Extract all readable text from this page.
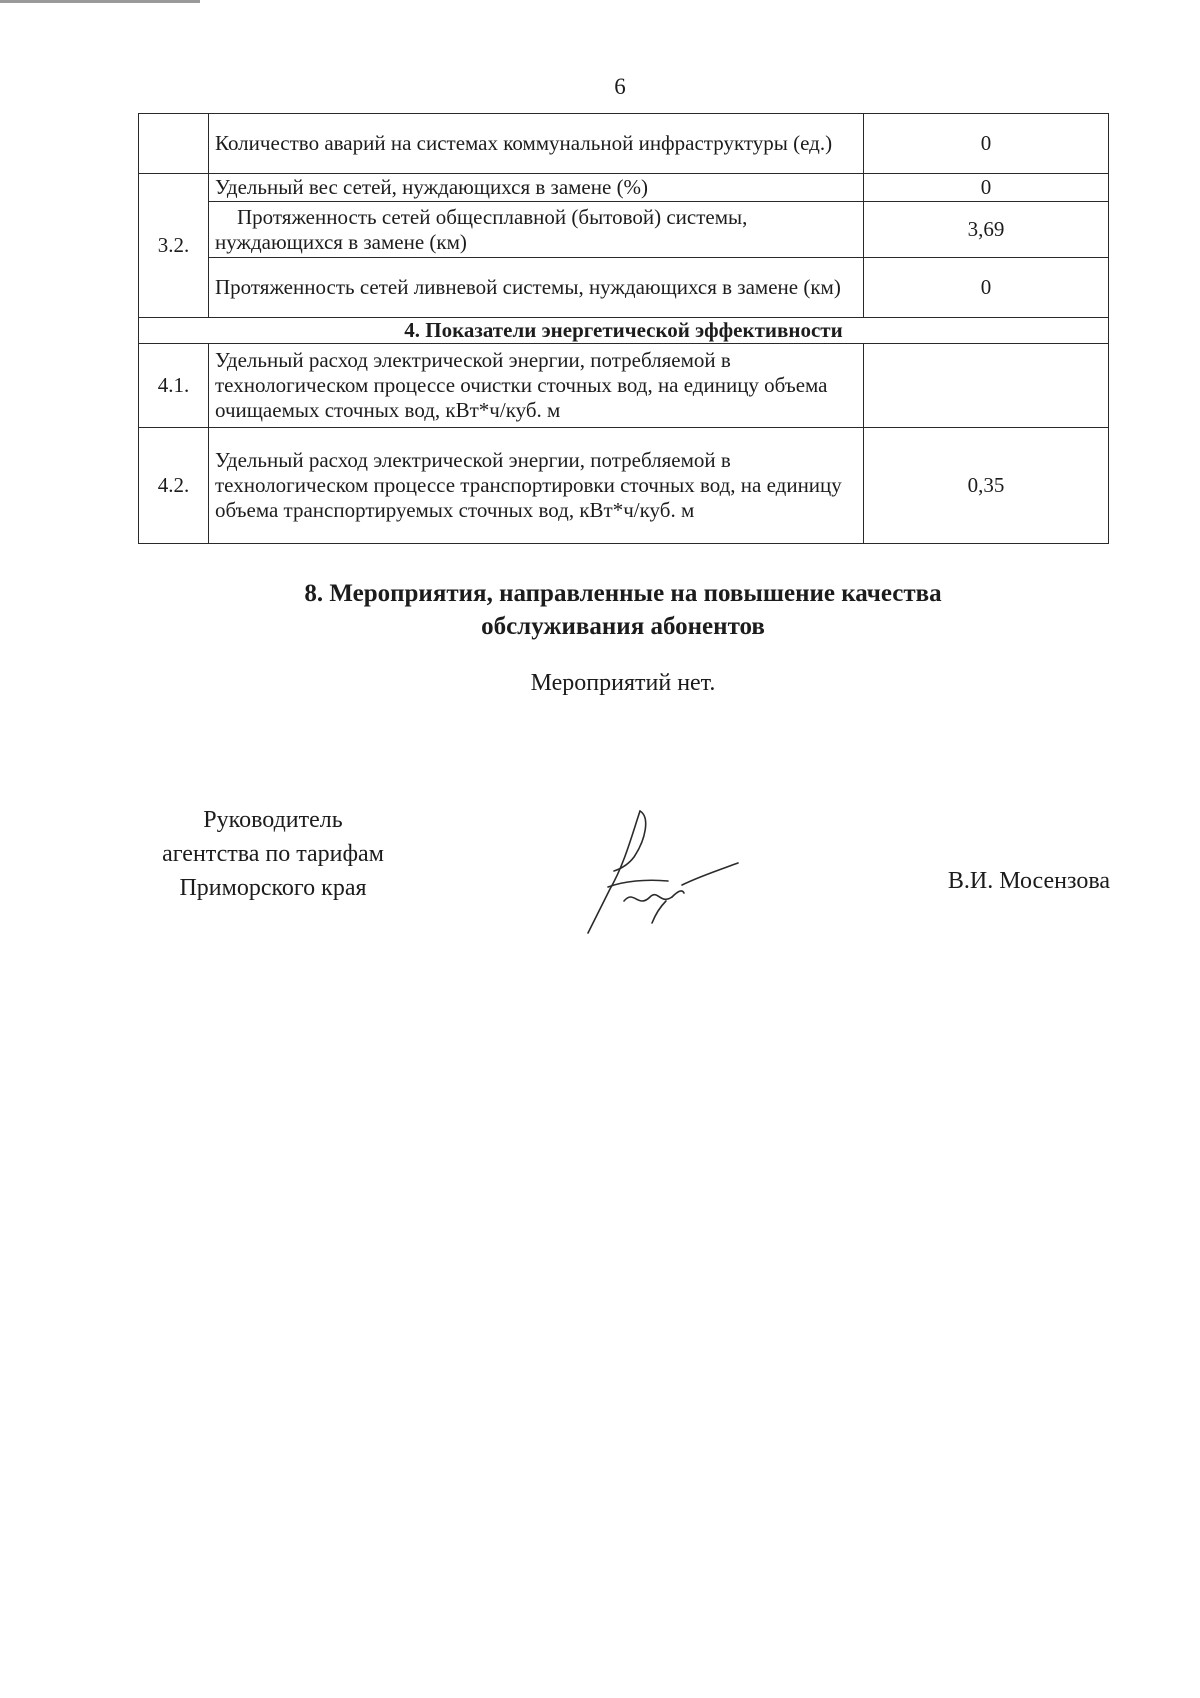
6
	Количество аварий на системах коммунальной инфраструктуры (ед.)	0
3.2.	Удельный вес сетей, нуждающихся в замене (%)	0
	Протяженность сетей общесплавной (бытовой) системы, нуждающихся в замене (км)	3,69
	Протяженность сетей ливневой системы, нуждающихся в замене (км)	0
4. Показатели энергетической эффективности		
4.1.	Удельный расход электрической энергии, потребляемой в технологическом процессе очистки сточных вод, на единицу объема очищаемых сточных вод, кВт*ч/куб. м	
4.2.	Удельный расход электрической энергии, потребляемой в технологическом процессе транспортировки сточных вод, на единицу объема транспортируемых сточных вод, кВт*ч/куб. м	0,35
8. Мероприятия, направленные на повышение качества
обслуживания абонентов
Мероприятий нет.
Руководитель
агентства по тарифам
Приморского края	В.И. Мосензова
